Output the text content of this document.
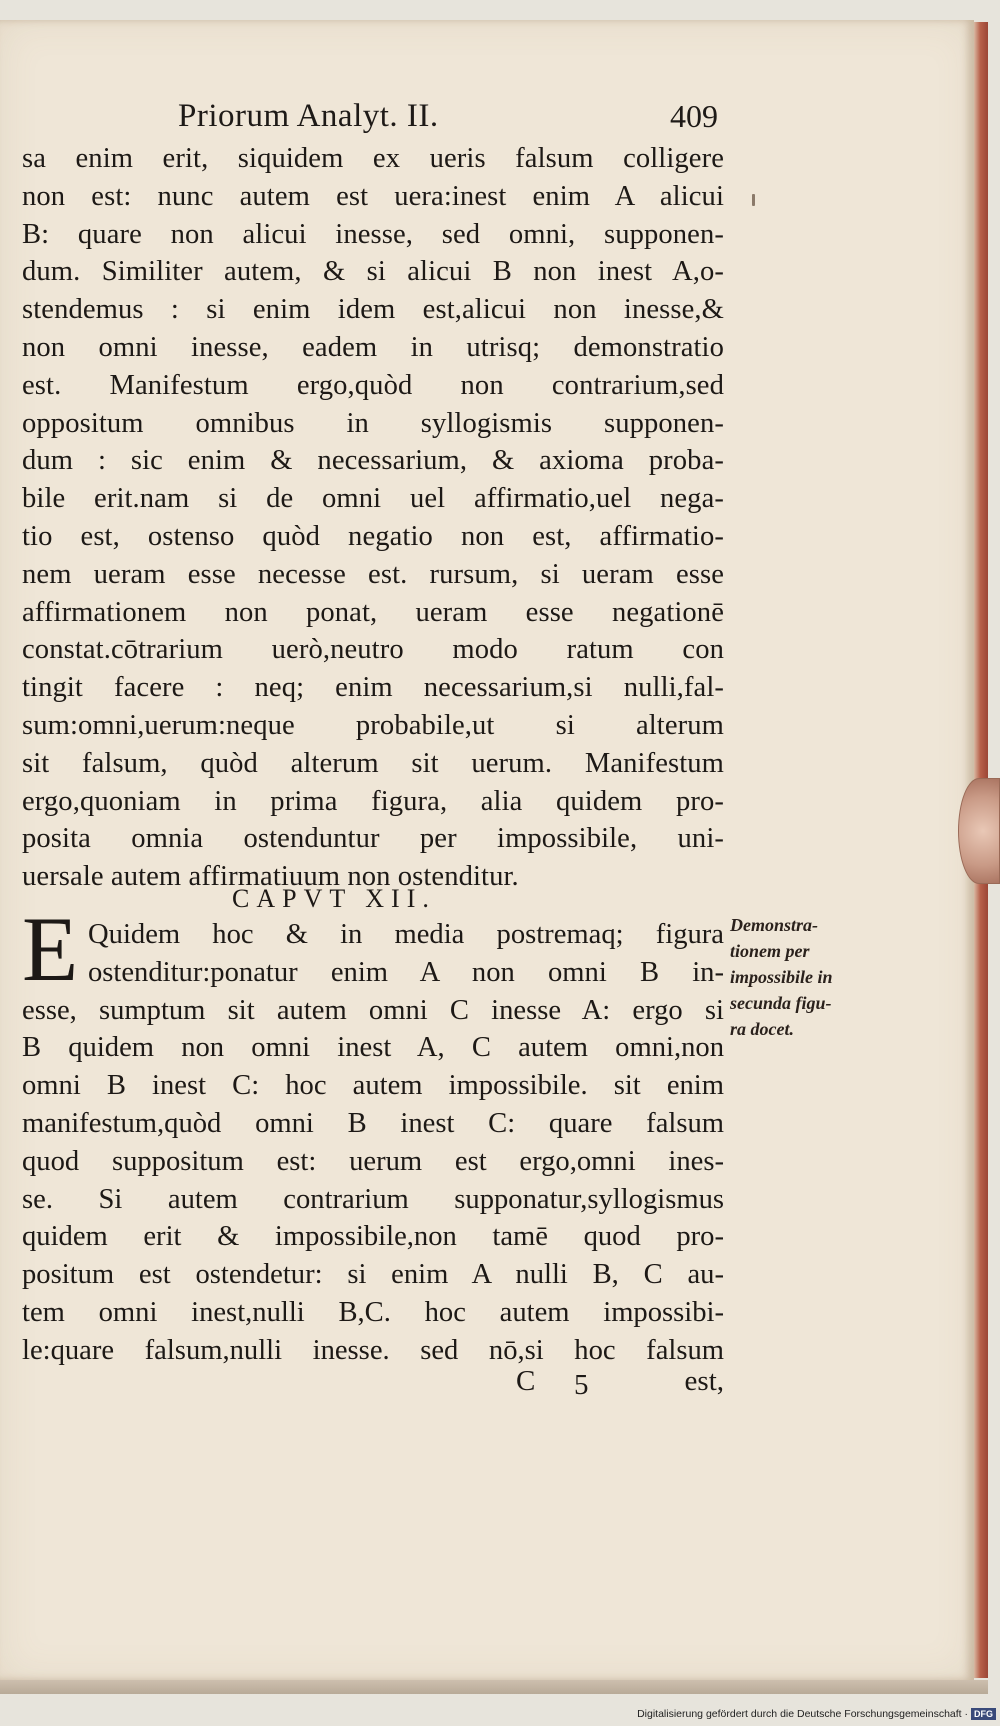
Priorum Analyt. II.	409
sa enim erit, siquidem ex ueris falsum colligere
non est: nunc autem est uera:inest enim A alicui
B: quare non alicui inesse, sed omni, supponen-
dum. Similiter autem, & si alicui B non inest A,o-
stendemus : si enim idem est,alicui non inesse,&
non omni inesse, eadem in utrisq; demonstratio
est. Manifestum ergo,quòd non contrarium,sed
oppositum omnibus in syllogismis supponen-
dum : sic enim & necessarium, & axioma proba-
bile erit.nam si de omni uel affirmatio,uel nega-
tio est, ostenso quòd negatio non est, affirmatio-
nem ueram esse necesse est. rursum, si ueram esse
affirmationem non ponat, ueram esse negationē
constat.cōtrarium uerò,neutro modo ratum con
tingit facere : neq; enim necessarium,si nulli,fal-
sum:omni,uerum:neque probabile,ut si alterum
sit falsum, quòd alterum sit uerum. Manifestum
ergo,quoniam in prima figura, alia quidem pro-
posita omnia ostenduntur per impossibile, uni-
uersale autem affirmatiuum non ostenditur.
CAPVT XII.
E Quidem hoc & in media postremaq; figura
ostenditur:ponatur enim A non omni B in-
esse, sumptum sit autem omni C inesse A: ergo si
B quidem non omni inest A, C autem omni,non
omni B inest C: hoc autem impossibile. sit enim
manifestum,quòd omni B inest C: quare falsum
quod suppositum est: uerum est ergo,omni ines-
se. Si autem contrarium supponatur,syllogismus
quidem erit & impossibile,non tamē quod pro-
positum est ostendetur: si enim A nulli B, C au-
tem omni inest,nulli B,C. hoc autem impossibi-
le:quare falsum,nulli inesse. sed nō,si hoc falsum
Demonstra-
tionem per
impossibile in
secunda figu-
ra docet.
C 5	est,
Digitalisierung gefördert durch die Deutsche Forschungsgemeinschaft · DFG
